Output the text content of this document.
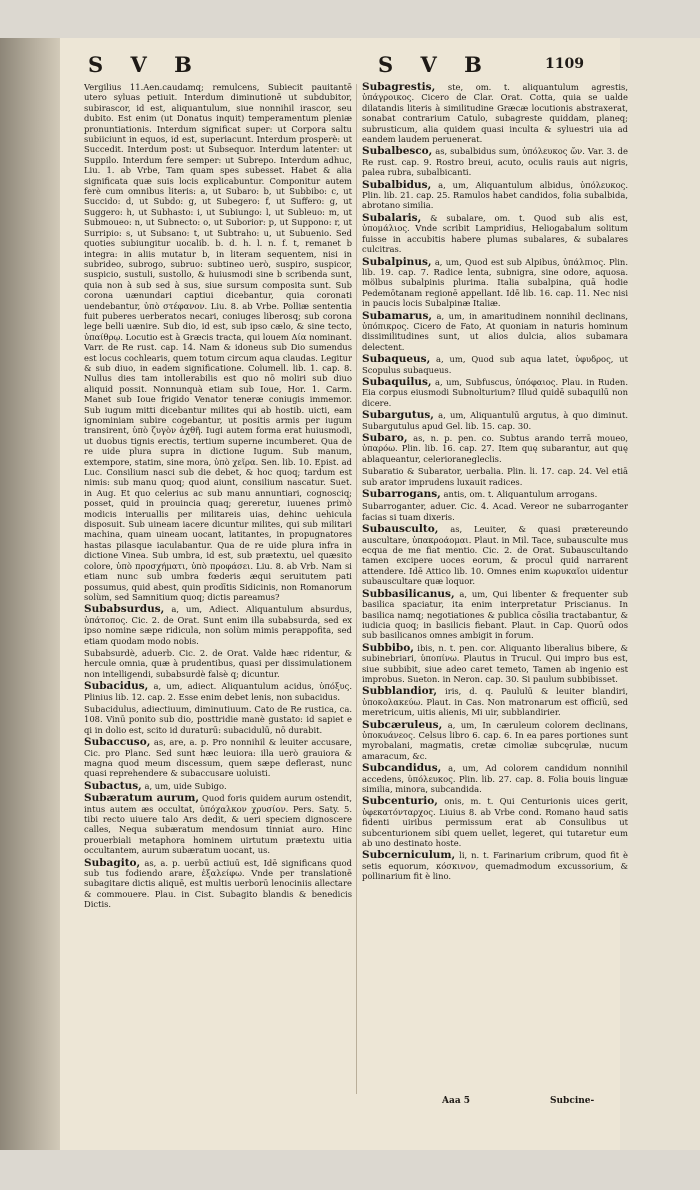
S V B	S V B	1109
Vergilius 11.Aen.caudamq; remulcens, Subiecit pauitantē utero syluas petiuit. Interdum diminutionē ut subdubitor, subirascor, id est, aliquantulum, siue nonnihil irascor, seu dubito. Est enim (ut Donatus inquit) temperamentum pleniæ pronuntiationis. Interdum significat super: ut Corpora saltu subiiciunt in equos, id est, superiacunt. Interdum prosperè: ut Succedit. Interdum post: ut Subsequor. Interdum latenter: ut Suppilo. Interdum fere semper: ut Subrepo. Interdum adhuc, Liu. 1. ab Vrbe, Tam quam spes subesset. Habet & alia significata quæ suis locis explicabuntur. Componitur autem ferè cum omnibus literis: a, ut Subaro: b, ut Subbibo: c, ut Succido: d, ut Subdo: g, ut Subegero: f, ut Suffero: g, ut Suggero: h, ut Subhasto: i, ut Subiungo: l, ut Subleuo: m, ut Submoueo: n, ut Subnecto: o, ut Suborior: p, ut Suppono: r, ut Surripio: s, ut Subsano: t, ut Subtraho: u, ut Subuenio. Sed quoties subiungitur uocalib. b. d. h. l. n. f. t, remanet b integra: in aliis mutatur b, in literam sequentem, nisi in subrideo, subrogo, subruo: subtineo uerò, suspiro, suspicor, suspicio, sustuli, sustollo, & huiusmodi sine b scribenda sunt, quia non à sub sed à sus, siue sursum composita sunt. Sub corona uænundari captiui dicebantur, quia coronati uendebantur, ὑπὸ στέφανον. Liu. 8. ab Vrbe. Polliæ sententia fuit puberes uerberatos necari, coniuges liberosq; sub corona lege belli uænire. Sub dio, id est, sub ipso cælo, & sine tecto, ὑπαίθρῳ. Locutio est à Græcis tracta, qui louem Δία nominant. Varr. de Re rust. cap. 14. Nam & idoneus sub Dio sumendus est locus cochlearis, quem totum circum aqua claudas. Legitur & sub diuo, in eadem significatione. Columell. lib. 1. cap. 8. Nullus dies tam intollerabilis est quo nō moliri sub diuo aliquid possit. Nonnunquà etiam sub Ioue, Hor. 1. Carm. Manet sub Ioue frigido Venator teneræ coniugis immemor. Sub iugum mitti dicebantur milites qui ab hostib. uicti, eam ignominiam subire cogebantur, ut positis armis per iugum transirent, ὑπὸ ζυγὸν ἀχθῆ. Iugi autem forma erat huiusmodi, ut duobus tignis erectis, tertium superne incumberet. Qua de re uide plura supra in dictione Iugum. Sub manum, extempore, statim, sine mora, ὑπὸ χεῖρα. Sen. lib. 10. Epist. ad Luc. Consilium nasci sub die debet, & hoc quoq; tardum est nimis: sub manu quoq; quod aiunt, consilium nascatur. Suet. in Aug. Et quo celerius ac sub manu annuntiari, cognosciq; posset, quid in prouincia quaq; gereretur, iuuenes primò modicis interuallis per militareis uias, dehinc uehicula disposuit. Sub uineam iacere dicuntur milites, qui sub militari machina, quam uineam uocant, latitantes, in propugnatores hastas pilasque iaculabantur. Qua de re uide plura infra in dictione Vinea. Sub umbra, id est, sub prætextu, uel quæsito colore, ὑπὸ προσχήματι, ὑπὸ προφάσει. Liu. 8. ab Vrb. Nam si etiam nunc sub umbra fœderis æqui seruitutem pati possumus, quid abest, quin prodītis Sidicinis, non Romanorum solùm, sed Samnitium quoq; dictis pareamus?
Subabsurdus, a, um, Adiect. Aliquantulum absurdus, ὑπάτοπος. Cic. 2. de Orat. Sunt enim illa subabsurda, sed ex ipso nomine sæpe ridicula, non solùm mimis perappofita, sed etiam quodam modo nobis.
Subabsurdè, aduerb. Cic. 2. de Orat. Valde hæc ridentur, & hercule omnia, quæ à prudentibus, quasi per dissimulationem non intelligendi, subabsurdè falsè q; dicuntur.
Subacidus, a, um, adiect. Aliquantulum acidus, ὑπόξυς. Plinius lib. 12. cap. 2. Esse enim debet lenis, non subacidus.
Subacidulus, adiectiuum, diminutiuum. Cato de Re rustica, ca. 108. Vinū ponito sub dio, posttridie manè gustato: id sapiet e qi in dolio est, scito id duraturū: subacidulū, nō durabit.
Subaccuso, as, are, a. p. Pro nonnihil & leuiter accusare, Cic. pro Planc. Sed sunt hæc leuiora: illa uerò grauiora & magna quod meum discessum, quem sæpe deflerast, nunc quasi reprehendere & subaccusare uoluisti.
Subactus, a, um, uide Subigo.
Subæratum aurum, Quod foris quidem aurum ostendit, intus autem æs occultat, ὑπόχαλκον χρυσίον. Pers. Saty. 5. tibi recto uiuere talo Ars dedit, & ueri speciem dignoscere calles, Nequa subæratum mendosum tinniat auro. Hinc prouerbiali metaphora hominem uirtutum prætextu uitia occultantem, aurum subæratum uocant, us.
Subagito, as, a. p. uerbū actiuū est, Idē significans quod sub tus fodiendo arare, ἐξαλείφω. Vnde per translationē subagitare dictis aliquē, est multis uerborū lenociniis allectare & commouere. Plau. in Cist. Subagito blandis & benedicis Dictis.
Subagrestis, ste, om. t. aliquantulum agrestis, ὑπάγροικος. Cicero de Clar. Orat. Cotta, quia se ualde dilatandis literis à similitudine Græcæ locutionis abstraxerat, sonabat contrarium Catulo, subagreste quiddam, planeq; subrusticum, alia quidem quasi inculta & syluestri uia ad eandem laudem peruenerat.
Subalbesco, as, subalbidus sum, ὑπόλευκος ὤν. Var. 3. de Re rust. cap. 9. Rostro breui, acuto, oculis rauis aut nigris, palea rubra, subalbicanti.
Subalbidus, a, um, Aliquantulum albidus, ὑπόλευκος. Plin. lib. 21. cap. 25. Ramulos habet candidos, folia subalbida, abrotano similia.
Subalaris, & subalare, om. t. Quod sub alis est, ὑπομάλιος. Vnde scribit Lampridius, Heliogabalum solitum fuisse in accubitis habere plumas subalares, & subalares culcitras.
Subalpinus, a, um, Quod est sub Alpibus, ὑπάλπιος. Plin. lib. 19. cap. 7. Radice lenta, subnigra, sine odore, aquosa. mölbus subalpinis plurima. Italia subalpina, quā hodie Pedemōtanam regionē appellant. Idē lib. 16. cap. 11. Nec nisi in paucis locis Subalpinæ Italiæ.
Subamarus, a, um, in amaritudinem nonnihil declinans, ὑπόπικρος. Cicero de Fato, At quoniam in naturis hominum dissimilitudines sunt, ut alios dulcia, alios subamara delectent.
Subaqueus, a, um, Quod sub aqua latet, ὑφυδρος, ut Scopulus subaqueus.
Subaquilus, a, um, Subfuscus, ὑπόφαιος. Plau. in Ruden. Eia corpus eiusmodi Subnolturium? Illud quidē subaquilū non dicere.
Subargutus, a, um, Aliquantulū argutus, à quo diminut. Subargutulus apud Gel. lib. 15. cap. 30.
Subaro, as, n. p. pen. co. Subtus arando terrā moueo, ὑπαρόω. Plin. lib. 16. cap. 27. Item quę subarantur, aut quę ablaqueantur, celerioranegleclis.
Subaratio & Subarator, uerbalia. Plin. li. 17. cap. 24. Vel etiā sub arator imprudens luxauit radices.
Subarrogans, antis, om. t. Aliquantulum arrogans.
Subarroganter, aduer. Cic. 4. Acad. Vereor ne subarroganter facias si tuam dixeris.
Subausculto, as, Leuiter, & quasi prætereundo auscultare, ὑπακροάομαι. Plaut. in Mil. Tace, subausculte mus ecqua de me fiat mentio. Cic. 2. de Orat. Subauscultando tamen excipere uoces eorum, & procul quid narrarent attendere. Idē Attico lib. 10. Omnes enim κωρυκαῖοι uidentur subauscultare quæ loquor.
Subbasilicanus, a, um, Qui libenter & frequenter sub basilica spaciatur, ita enim interpretatur Priscianus. In basilica namq; negotiationes & publica cōsilia tractabantur, & iudicia quoq; in basilicis fiebant. Plaut. in Cap. Quorū odos sub basilicanos omnes ambigit in forum.
Subbibo, ibis, n. t. pen. cor. Aliquanto liberalius bibere, & subinebriari, ὑποπίνω. Plautus in Trucul. Qui impro bus est, siue subbibit, siue adeo caret temeto, Tamen ab ingenio est improbus. Sueton. in Neron. cap. 30. Si paulum subbibisset.
Subblandior, iris, d. q. Paululū & leuiter blandiri, ὑποκολακεύω. Plaut. in Cas. Non matronarum est officiū, sed meretricum, uitis alienis, Mi uir, subblandirier.
Subcæruleus, a, um, In cæruleum colorem declinans, ὑποκυάνεος. Celsus libro 6. cap. 6. In ea pares portiones sunt myrobalani, magmatis, cretæ cimoliæ subcęrulæ, nucum amaracum, &c.
Subcandidus, a, um, Ad colorem candidum nonnihil accedens, ὑπόλευκος. Plin. lib. 27. cap. 8. Folia bouis linguæ similia, minora, subcandida.
Subcenturio, onis, m. t. Qui Centurionis uices gerit, ὑφεκατόνταρχος. Liuius 8. ab Vrbe cond. Romano haud satis fidenti uiribus permissum erat ab Consulibus ut subcenturionem sibi quem uellet, legeret, qui tutaretur eum ab uno destinato hoste.
Subcerniculum, li, n. t. Farinarium cribrum, quod fit è setis equorum, κόσκινον, quemadmodum excussorium, & pollinarium fit è lino.
Aaa 5	Subcine-
